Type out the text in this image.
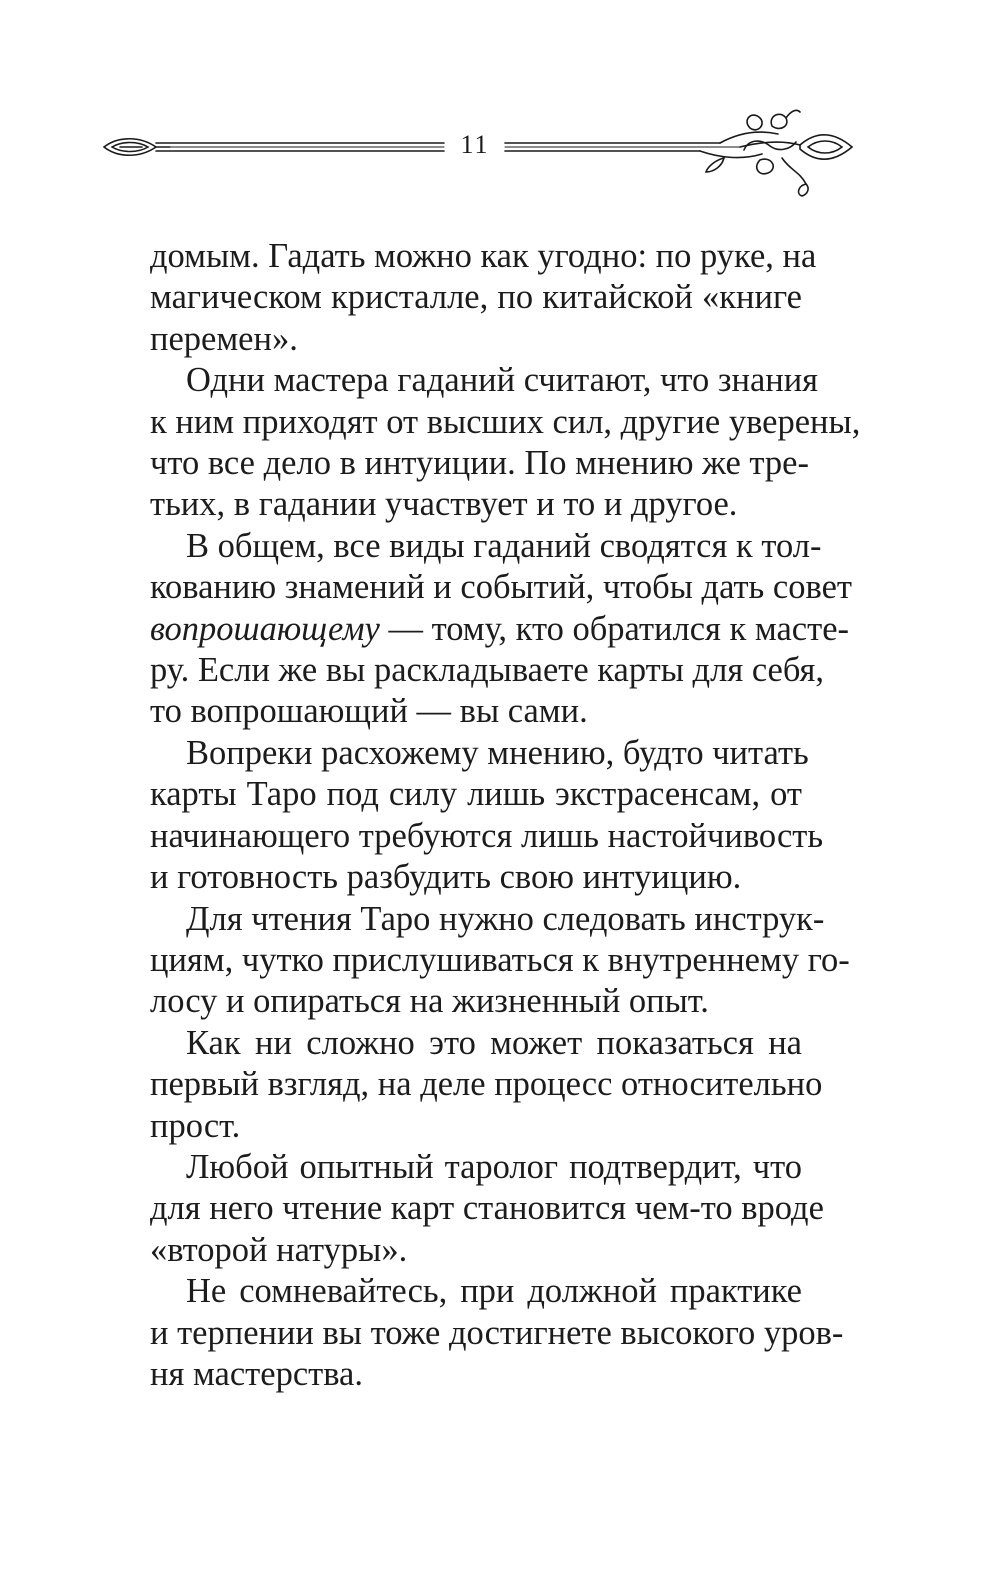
11

домым. Гадать можно как угодно: по руке, на
магическом кристалле, по китайской «книге
перемен».

Одни мастера гаданий считают, что знания
к ним приходят от высших сил, другие уверены,
что все дело в интуиции. По мнению же тре-
тьих, в гадании участвует и то и другое.

В общем, все виды гаданий сводятся к тол-
кованию знамений и событий, чтобы дать совет
вопрошающему — тому, кто обратился к масте-
ру. Если же вы раскладываете карты для себя,
то вопрошающий — вы сами.

Вопреки расхожему мнению, будто читать
карты Таро под силу лишь экстрасенсам, от
начинающего требуются лишь настойчивость
и готовность разбудить свою интуицию.

Для чтения Таро нужно следовать инструк-
циям, чутко прислушиваться к внутреннему го-
лосу и опираться на жизненный опыт.

Как ни сложно это может показаться на
первый взгляд, на деле процесс относительно
прост.

Любой опытный таролог подтвердит, что
для него чтение карт становится чем-то вроде
«второй натуры».

Не сомневайтесь, при должной практике
и терпении вы тоже достигнете высокого уров-
ня мастерства.
